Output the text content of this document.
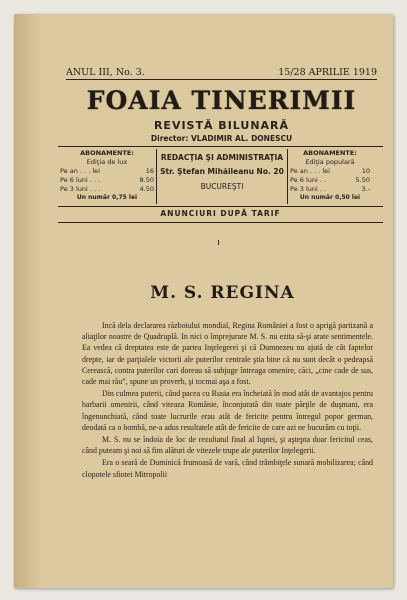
ANUL III, No. 3.	15/28 APRILIE 1919
FOAIA TINERIMII
REVISTĂ BILUNARĂ
Director: VLADIMIR AL. DONESCU
ABONAMENTE:
Ediţia de lux
Pe an . . . lei	16
Pe 6 luni . . .	8.50
Pe 3 luni . . .	4.50
Un număr 0,75 lei
REDACŢIA ŞI ADMINISTRAŢIA
Str. Ştefan Mihăileanu No. 20
BUCUREŞTI
ABONAMENTE:
Ediţia populară
Pe an . . . lei	10
Pe 6 luni . .	5.50
Pe 3 luni . .	3.-
Un număr 0,50 lei
ANUNCIURI DUPĂ TARIF
M. S. REGINA

Incă dela declararea războiului mondial, Regina României a fost o aprigă partizană a aliaţilor noastre de Quadruplă. In nici o împrejurare M. S. nu ezita să-şi arate sentimentele. Ea vedea că dreptatea este de partea Inţelegerei şi că Dumnezeu nu ajută de cât faptelor drepte, iar de parţialele victorii ale puterilor centrale ştia bine că nu sunt decât o pedeapsă Cerească, contra puterilor cari doreau să subjuge întreaga omenire, căci, „cine cade de sus, cade mai rău”, spune un proverb, şi tocmai aşa a fost.

Din culmea puterii, când pacea cu Rusia era încheiată în mod atât de avantajos pentru barbarii omenirii, când viteaza Românie, înconjurată din toate părţile de duşmani, era îngenunchiată, când toate lucrurile erau atât de fericite pentru întregul popor german, deodată ca o bombă, ne-a adus resultatele atât de fericite de care azi ne bucurăm cu toţii.

M. S. nu se îndoia de loc de rezultatul final al luptei, şi aştepta doar fericitul ceas, când puteam şi noi să fim alături de vitezele trupe ale puterilor Inţelegerii.

Era o seară de Duminică frumoasă de vară, când trâmbiţele sunară mobilizarea; când clopotele sfintei Mitropolii
